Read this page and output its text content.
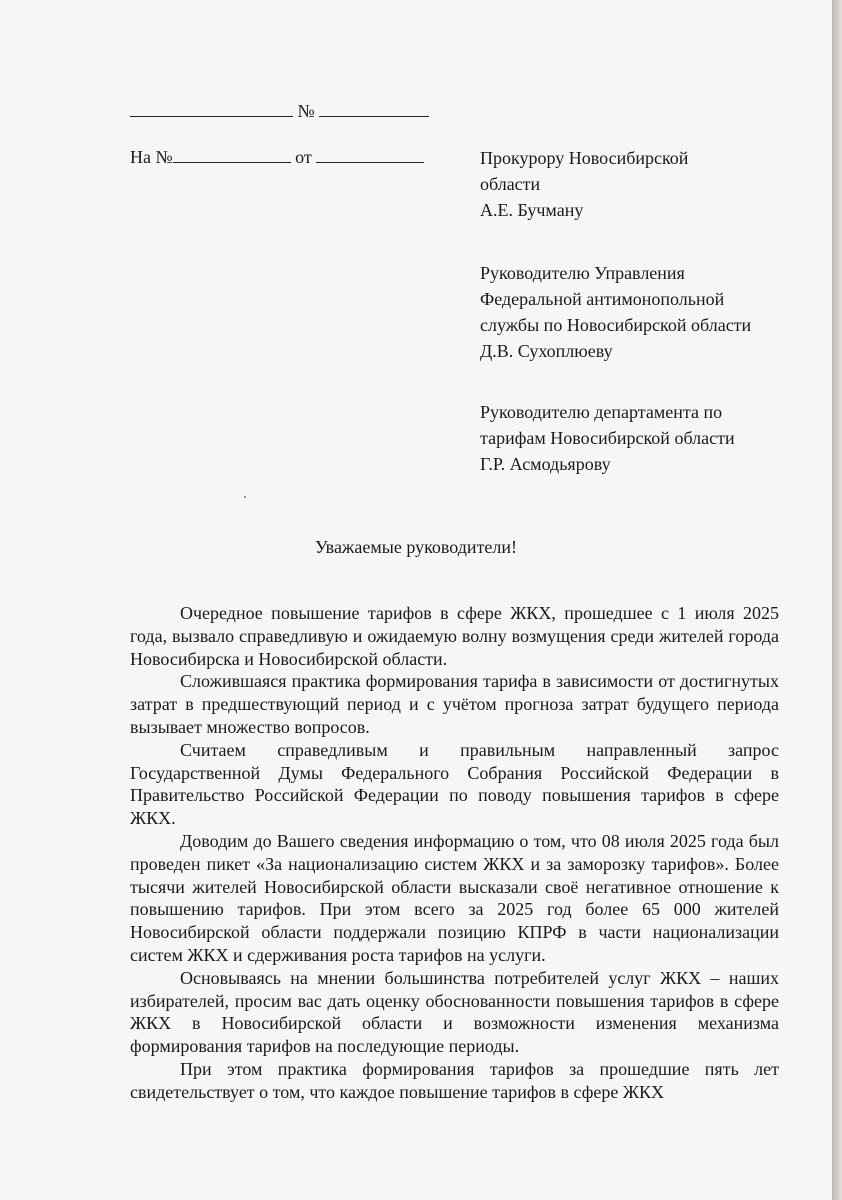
№
На №	от	Прокурору Новосибирской
области
А.Е. Бучману
Руководителю Управления
Федеральной антимонопольной
службы по Новосибирской области
Д.В. Сухоплюеву
Руководителю департамента по
тарифам Новосибирской области
Г.Р. Асмодьярову
Уважаемые руководители!

Очередное повышение тарифов в сфере ЖКХ, прошедшее с 1 июля 2025 года, вызвало справедливую и ожидаемую волну возмущения среди жителей города Новосибирска и Новосибирской области.

Сложившаяся практика формирования тарифа в зависимости от достигнутых затрат в предшествующий период и с учётом прогноза затрат будущего периода вызывает множество вопросов.

Считаем справедливым и правильным направленный запрос Государственной Думы Федерального Собрания Российской Федерации в Правительство Российской Федерации по поводу повышения тарифов в сфере ЖКХ.

Доводим до Вашего сведения информацию о том, что 08 июля 2025 года был проведен пикет «За национализацию систем ЖКХ и за заморозку тарифов». Более тысячи жителей Новосибирской области высказали своё негативное отношение к повышению тарифов. При этом всего за 2025 год более 65 000 жителей Новосибирской области поддержали позицию КПРФ в части национализации систем ЖКХ и сдерживания роста тарифов на услуги.

Основываясь на мнении большинства потребителей услуг ЖКХ – наших избирателей, просим вас дать оценку обоснованности повышения тарифов в сфере ЖКХ в Новосибирской области и возможности изменения механизма формирования тарифов на последующие периоды.

При этом практика формирования тарифов за прошедшие пять лет свидетельствует о том, что каждое повышение тарифов в сфере ЖКХ
